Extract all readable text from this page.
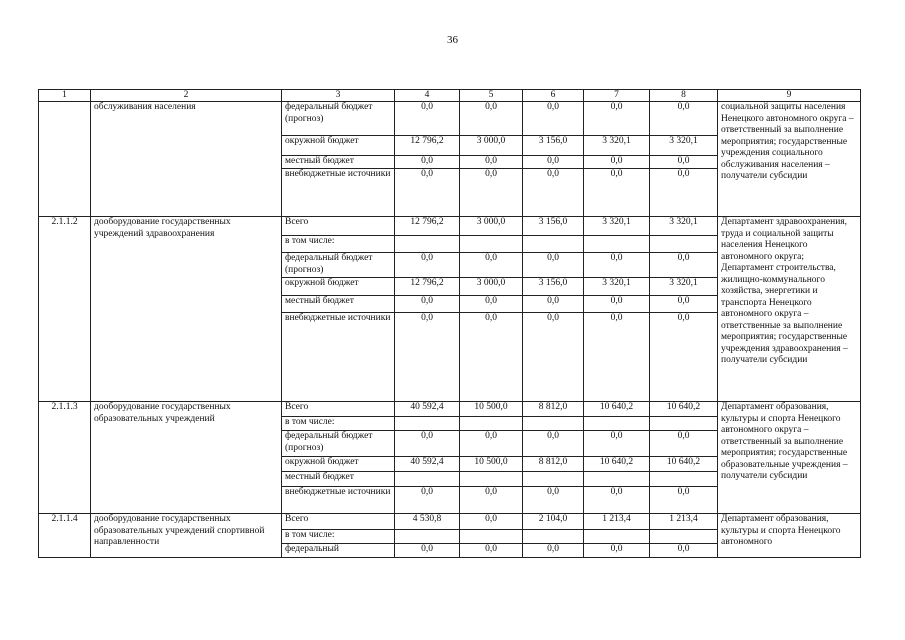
36
1	2	3	4	5	6	7	8	9
	обслуживания населения	федеральный бюджет (прогноз)	0,0	0,0	0,0	0,0	0,0	социальной защиты населения Ненецкого автономного округа – ответственный за выполнение мероприятия; государственные учреждения социального обслуживания населения – получатели субсидии
		окружной бюджет	12 796,2	3 000,0	3 156,0	3 320,1	3 320,1	
		местный бюджет	0,0	0,0	0,0	0,0	0,0	
		внебюджетные источники	0,0	0,0	0,0	0,0	0,0	
2.1.1.2	дооборудование государственных учреждений здравоохранения	Всего	12 796,2	3 000,0	3 156,0	3 320,1	3 320,1	Департамент здравоохранения, труда и социальной защиты населения Ненецкого автономного округа; Департамент строительства, жилищно-коммунального хозяйства, энергетики и транспорта Ненецкого автономного округа – ответственные за выполнение мероприятия; государственные учреждения здравоохранения – получатели субсидии
		в том числе:						
		федеральный бюджет (прогноз)	0,0	0,0	0,0	0,0	0,0	
		окружной бюджет	12 796,2	3 000,0	3 156,0	3 320,1	3 320,1	
		местный бюджет	0,0	0,0	0,0	0,0	0,0	
		внебюджетные источники	0,0	0,0	0,0	0,0	0,0	
2.1.1.3	дооборудование государственных образовательных учреждений	Всего	40 592,4	10 500,0	8 812,0	10 640,2	10 640,2	Департамент образования, культуры и спорта Ненецкого автономного округа – ответственный за выполнение мероприятия; государственные образовательные учреждения – получатели субсидии
		в том числе:						
		федеральный бюджет (прогноз)	0,0	0,0	0,0	0,0	0,0	
		окружной бюджет	40 592,4	10 500,0	8 812,0	10 640,2	10 640,2	
		местный бюджет						
		внебюджетные источники	0,0	0,0	0,0	0,0	0,0	
2.1.1.4	дооборудование государственных образовательных учреждений спортивной направленности	Всего	4 530,8	0,0	2 104,0	1 213,4	1 213,4	Департамент образования, культуры и спорта Ненецкого автономного
		в том числе:						
		федеральный	0,0	0,0	0,0	0,0	0,0	
